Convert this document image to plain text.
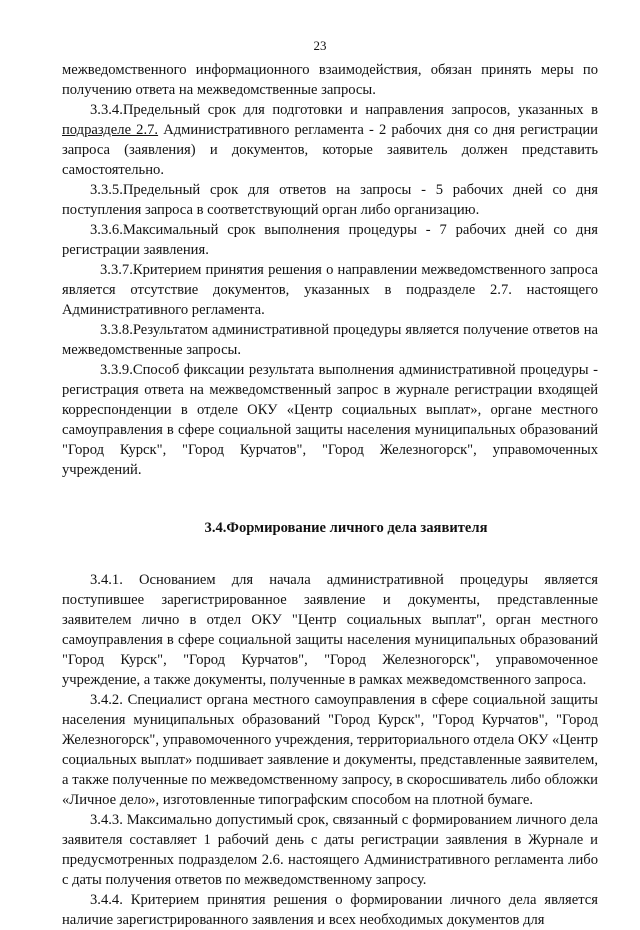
23

межведомственного информационного взаимодействия, обязан принять меры по получению ответа на межведомственные запросы.

3.3.4.Предельный срок для подготовки и направления запросов, указанных в подразделе 2.7. Административного регламента - 2 рабочих дня со дня регистрации запроса (заявления) и документов, которые заявитель должен представить самостоятельно.

3.3.5.Предельный срок для ответов на запросы - 5 рабочих дней со дня поступления запроса в соответствующий орган либо организацию.

3.3.6.Максимальный срок выполнения процедуры - 7 рабочих дней со дня регистрации заявления.

3.3.7.Критерием принятия решения о направлении межведомственного запроса является отсутствие документов, указанных в подразделе 2.7. настоящего Административного регламента.

3.3.8.Результатом административной процедуры является получение ответов на межведомственные запросы.

3.3.9.Способ фиксации результата выполнения административной процедуры - регистрация ответа на межведомственный запрос в журнале регистрации входящей корреспонденции в отделе ОКУ «Центр социальных выплат», органе местного самоуправления в сфере социальной защиты населения муниципальных образований "Город Курск", "Город Курчатов", "Город Железногорск", управомоченных учреждений.

3.4.Формирование личного дела заявителя

3.4.1. Основанием для начала административной процедуры является поступившее зарегистрированное заявление и документы, представленные заявителем лично в отдел ОКУ "Центр социальных выплат", орган местного самоуправления в сфере социальной защиты населения муниципальных образований "Город Курск", "Город Курчатов", "Город Железногорск", управомоченное учреждение, а также документы, полученные в рамках межведомственного запроса.

3.4.2. Специалист органа местного самоуправления в сфере социальной защиты населения муниципальных образований "Город Курск", "Город Курчатов", "Город Железногорск", управомоченного учреждения, территориального отдела ОКУ «Центр социальных выплат» подшивает заявление и документы, представленные заявителем, а также полученные по межведомственному запросу, в скоросшиватель либо обложки «Личное дело», изготовленные типографским способом на плотной бумаге.

3.4.3. Максимально допустимый срок, связанный с формированием личного дела заявителя составляет 1 рабочий день с даты регистрации заявления в Журнале и предусмотренных подразделом 2.6. настоящего Административного регламента либо с даты получения ответов по межведомственному запросу.

3.4.4. Критерием принятия решения о формировании личного дела является наличие зарегистрированного заявления и всех необходимых документов для
